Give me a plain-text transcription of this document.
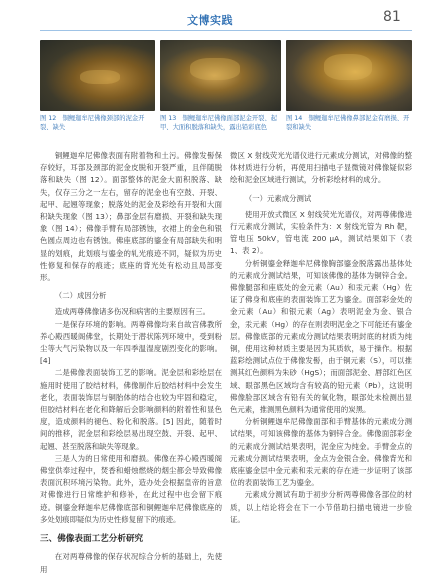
文博实践	81
图 12　铜鲤迦牟尼佛像颈部的泥金开裂、缺失
图 13　铜鲤迦牟尼佛像面部泥金开裂、起甲、大面积脱落和缺失，露出铅彩底色
图 14　铜鲤迦牟尼佛像鼻部泥金有磨损、开裂和缺失

铜鲤迦牟尼佛像表面有附着物和土污。佛像发髻保存较好，耳部及颈部的泥金皮脱和开裂严重，且伴随脱落和缺失（图 12）。面部整体的泥金大面积脱落、缺失，仅存三分之一左右，留存的泥金也有空鼓、开裂、起甲、起翘等现象；脱落处的泥金及彩绘有开裂和大面积缺失现象（图 13）；鼻部金层有磨损、开裂和缺失现象（图 14）；佛像手臂有局部锈蚀，衣裙上的金色和银色圆点周边也有锈蚀。佛座底部的鎏金有局部缺失和明显的划痕，此划痕与鎏金的轧光痕迹不同，疑似为历史性修复和保存的痕迹；底座的背光处有松动且局部变形。

（二）成因分析

造成两尊佛像诸多伤况和病害的主要原因有三。

一是保存环境的影响。两尊佛像均来自故宫佛教所养心殿西暖阁佛堂，长期处于潜状陈列环境中，受到粉尘等大气污染物以及一年四季温湿度剧烈变化的影响。[4]

二是佛像表面装饰工艺的影响。泥金层和彩绘层在施用时使用了胶结材料，佛像制作后胶结材料中会发生老化，表面装饰层与铜胎体的结合也较为牢固和稳定，但胶结材料在老化和降解后会影响颜料的附着性和显色度，造成颜料的褪色、粉化和脱落。[5] 因此，随着时间的推移，泥金层和彩绘层易出现空鼓、开裂、起甲、起翘、甚至脱落和缺失等现象。

三是人为的日常使用和磨损。佛像在养心殿西暖阁佛堂供奉过程中，焚香和蜡烛燃烧的烟尘都会导致佛像表面沉积环境污染物。此外，造办处会根据皇帝的旨意对佛像进行日常维护和修补，在此过程中也会留下痕迹。铜鎏金释迦牟尼佛像底部和铜鲤迦牟尼佛像底座的多处划痕即疑似为历史性修复留下的痕迹。

三、佛像表面工艺分析研究

在对两尊佛像的保存状况综合分析的基础上，先使用

微区 X 射线荧光光谱仪进行元素成分测试，对佛像的整体材质进行分析，再使用扫描电子显微镜对佛像疑似彩绘和泥金区域进行测试，分析彩绘材料的成分。

（一）元素成分测试

使用开放式微区 X 射线荧光光谱仪，对两尊佛像进行元素成分测试，实验条件为：X 射线光管为 Rh 靶，管电压 50kV，管电流 200 μA，测试结果如下（表 1、表 2）。

分析铜鎏金释迦牟尼佛像胸部鎏金脱落露出基体处的元素成分测试结果，可知该佛像的基体为铜锌合金。佛像腿部和座底处的金元素（Au）和汞元素（Hg）佐证了佛身和底座的表面装饰工艺为鎏金。面部彩金处的金元素（Au）和银元素（Ag）表明泥金为金、银合金，汞元素（Hg）的存在则表明泥金之下可能还有鎏金层。佛像底部的元素成分测试结果表明封底的材质为纯铜，使用这种材质主要是因为其质软，易于操作。根据蓝彩绘测试点位于佛像发髻，由于铜元素（S），可以推测其红色颜料为朱砂（HgS）；而面部泥金、唇部红色区域、眼部黑色区域均含有较高的铅元素（Pb），这说明佛像脸部区域含有铅有关的氧化物，眼部处未检测出显色元素，推测黑色颜料为通常使用的炭黑。

分析铜鲤迦牟尼佛像面部和手臂基体的元素成分测试结果，可知该佛像的基体为铜锌合金。佛像面部彩金的元素成分测试结果表明，泥金应为纯金。手臂金点的元素成分测试结果表明，金点为金银合金。佛像背光和底座鎏金层中金元素和汞元素的存在进一步证明了该部位的表面装饰工艺为鎏金。

元素成分测试有助于初步分析两尊佛像各部位的材质，以上结论将会在下一小节借助扫描电镜进一步验证。
